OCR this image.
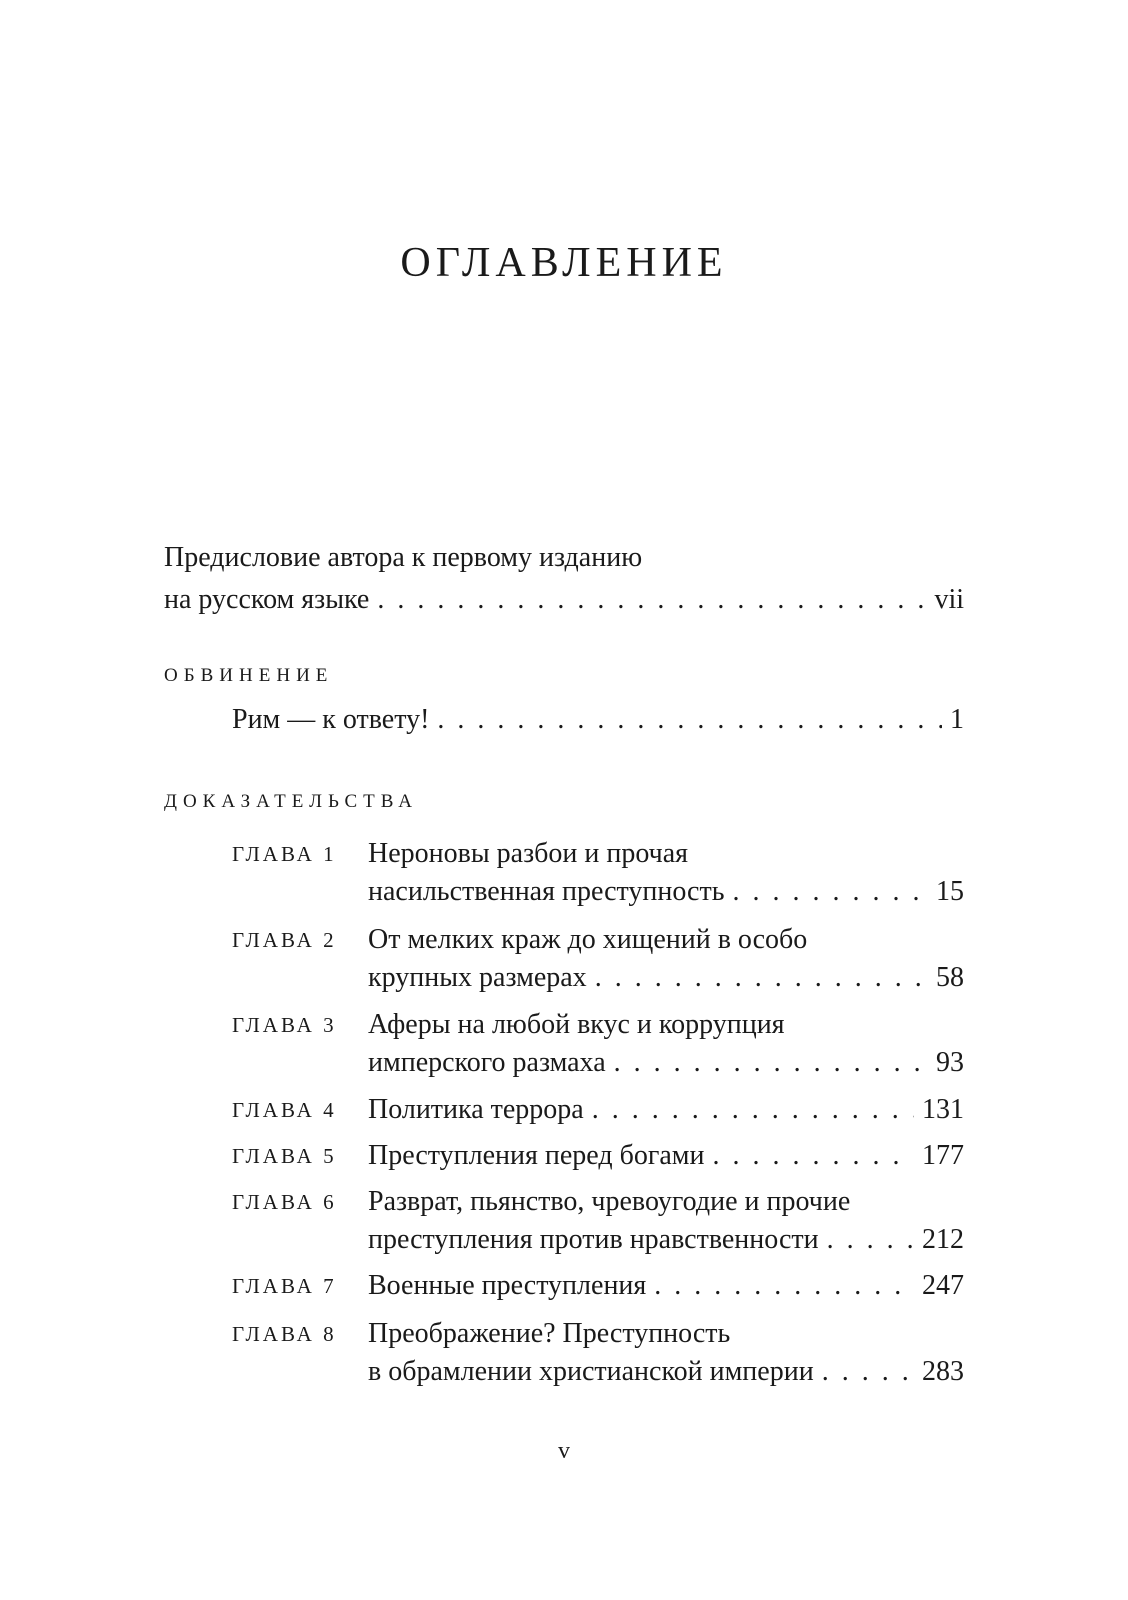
ОГЛАВЛЕНИЕ
Предисловие автора к первому изданию
на русском языке . . .	vii
ОБВИНЕНИЕ
Рим — к ответу! . . .	1
ДОКАЗАТЕЛЬСТВА
ГЛАВА 1 Нероновы разбои и прочая
насильственная преступность . . .	15
ГЛАВА 2 От мелких краж до хищений в особо
крупных размерах . . .	58
ГЛАВА 3 Аферы на любой вкус и коррупция
имперского размаха . . .	93
ГЛАВА 4 Политика террора . . .	131
ГЛАВА 5 Преступления перед богами . . .	177
ГЛАВА 6 Разврат, пьянство, чревоугодие и прочие
преступления против нравственности . . .	212
ГЛАВА 7 Военные преступления . . .	247
ГЛАВА 8 Преображение? Преступность
в обрамлении христианской империи . . .	283
v
